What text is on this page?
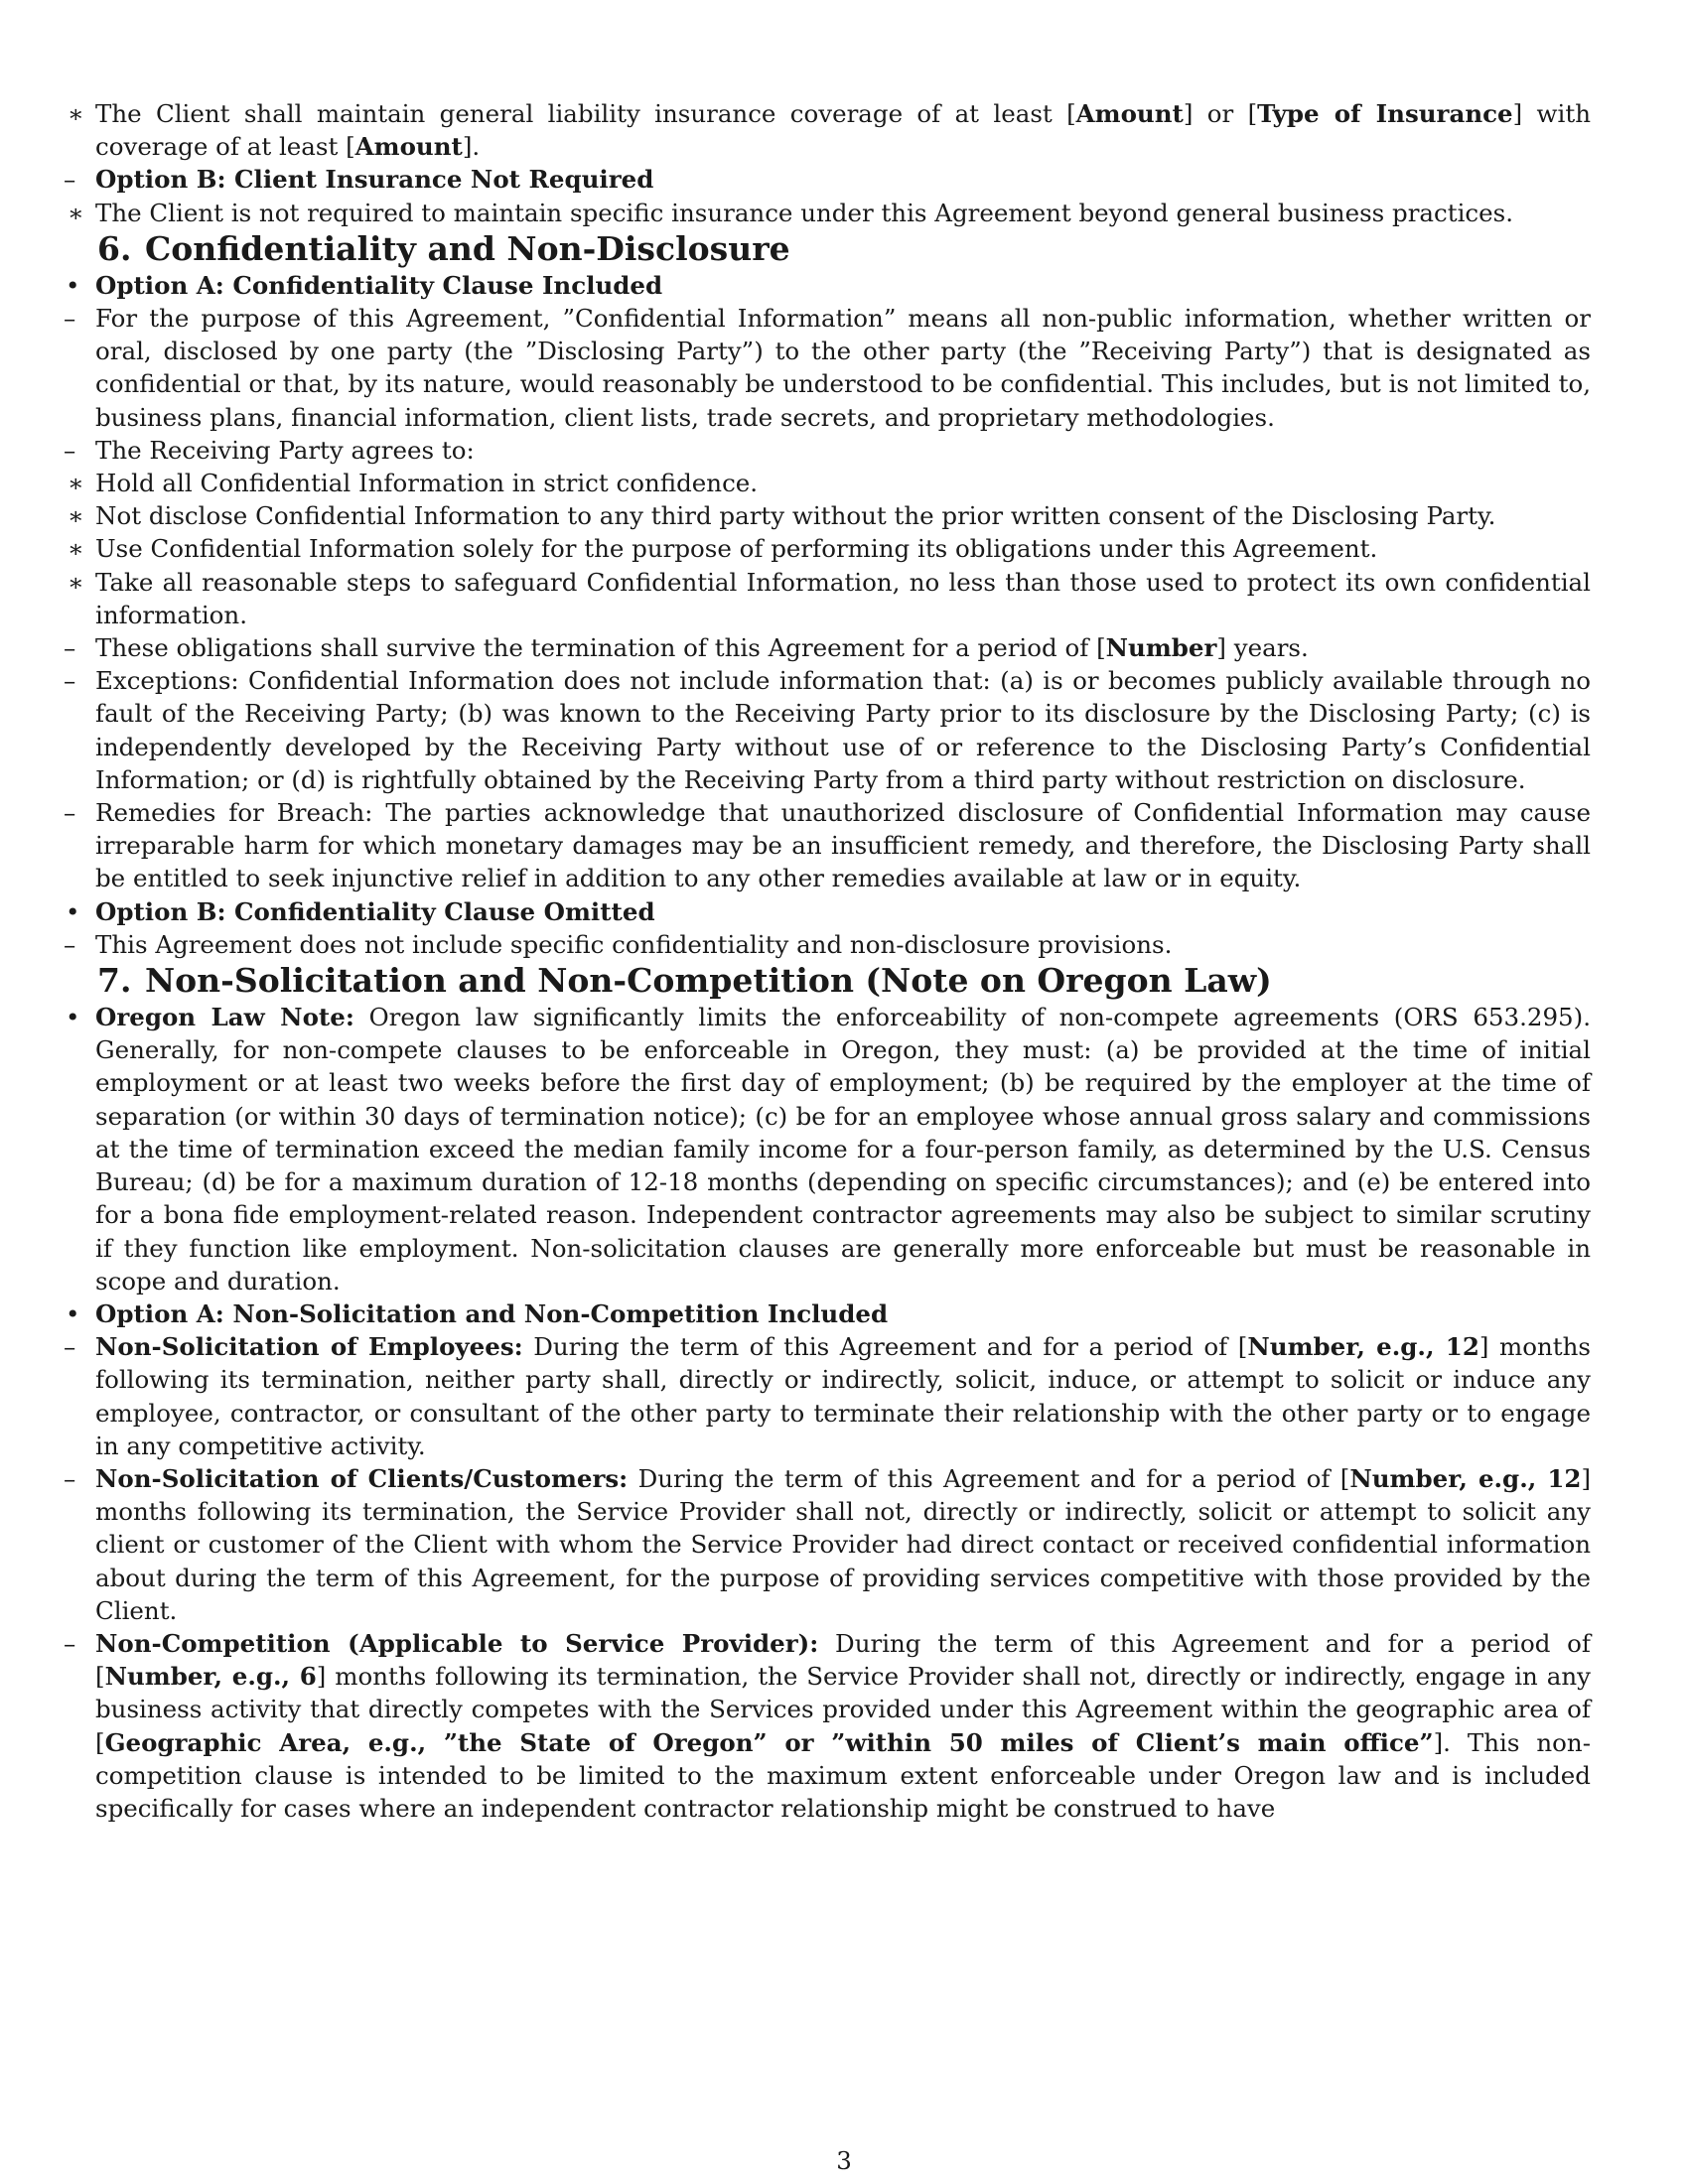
∗ The Client shall maintain general liability insurance coverage of at least [Amount] or [Type of Insurance] with coverage of at least [Amount].

– Option B: Client Insurance Not Required

∗ The Client is not required to maintain specific insurance under this Agreement beyond general business practices.

6. Confidentiality and Non-Disclosure

• Option A: Confidentiality Clause Included

– For the purpose of this Agreement, ”Confidential Information” means all non-public information, whether written or oral, disclosed by one party (the ”Disclosing Party”) to the other party (the ”Receiving Party”) that is designated as confidential or that, by its nature, would reasonably be understood to be confidential. This includes, but is not limited to, business plans, financial information, client lists, trade secrets, and proprietary methodologies.

– The Receiving Party agrees to:

∗ Hold all Confidential Information in strict confidence.

∗ Not disclose Confidential Information to any third party without the prior written consent of the Disclosing Party.

∗ Use Confidential Information solely for the purpose of performing its obligations under this Agreement.

∗ Take all reasonable steps to safeguard Confidential Information, no less than those used to protect its own confidential information.

– These obligations shall survive the termination of this Agreement for a period of [Number] years.

– Exceptions: Confidential Information does not include information that: (a) is or becomes publicly available through no fault of the Receiving Party; (b) was known to the Receiving Party prior to its disclosure by the Disclosing Party; (c) is independently developed by the Receiving Party without use of or reference to the Disclosing Party’s Confidential Information; or (d) is rightfully obtained by the Receiving Party from a third party without restriction on disclosure.

– Remedies for Breach: The parties acknowledge that unauthorized disclosure of Confidential Information may cause irreparable harm for which monetary damages may be an insufficient remedy, and therefore, the Disclosing Party shall be entitled to seek injunctive relief in addition to any other remedies available at law or in equity.

• Option B: Confidentiality Clause Omitted

– This Agreement does not include specific confidentiality and non-disclosure provisions.

7. Non-Solicitation and Non-Competition (Note on Oregon Law)

• Oregon Law Note: Oregon law significantly limits the enforceability of non-compete agreements (ORS 653.295). Generally, for non-compete clauses to be enforceable in Oregon, they must: (a) be provided at the time of initial employment or at least two weeks before the first day of employment; (b) be required by the employer at the time of separation (or within 30 days of termination notice); (c) be for an employee whose annual gross salary and commissions at the time of termination exceed the median family income for a four-person family, as determined by the U.S. Census Bureau; (d) be for a maximum duration of 12-18 months (depending on specific circumstances); and (e) be entered into for a bona fide employment-related reason. Independent contractor agreements may also be subject to similar scrutiny if they function like employment. Non-solicitation clauses are generally more enforceable but must be reasonable in scope and duration.

• Option A: Non-Solicitation and Non-Competition Included

– Non-Solicitation of Employees: During the term of this Agreement and for a period of [Number, e.g., 12] months following its termination, neither party shall, directly or indirectly, solicit, induce, or attempt to solicit or induce any employee, contractor, or consultant of the other party to terminate their relationship with the other party or to engage in any competitive activity.

– Non-Solicitation of Clients/Customers: During the term of this Agreement and for a period of [Number, e.g., 12] months following its termination, the Service Provider shall not, directly or indirectly, solicit or attempt to solicit any client or customer of the Client with whom the Service Provider had direct contact or received confidential information about during the term of this Agreement, for the purpose of providing services competitive with those provided by the Client.

– Non-Competition (Applicable to Service Provider): During the term of this Agreement and for a period of [Number, e.g., 6] months following its termination, the Service Provider shall not, directly or indirectly, engage in any business activity that directly competes with the Services provided under this Agreement within the geographic area of [Geographic Area, e.g., ”the State of Oregon” or ”within 50 miles of Client’s main office”]. This non-competition clause is intended to be limited to the maximum extent enforceable under Oregon law and is included specifically for cases where an independent contractor relationship might be construed to have

3
